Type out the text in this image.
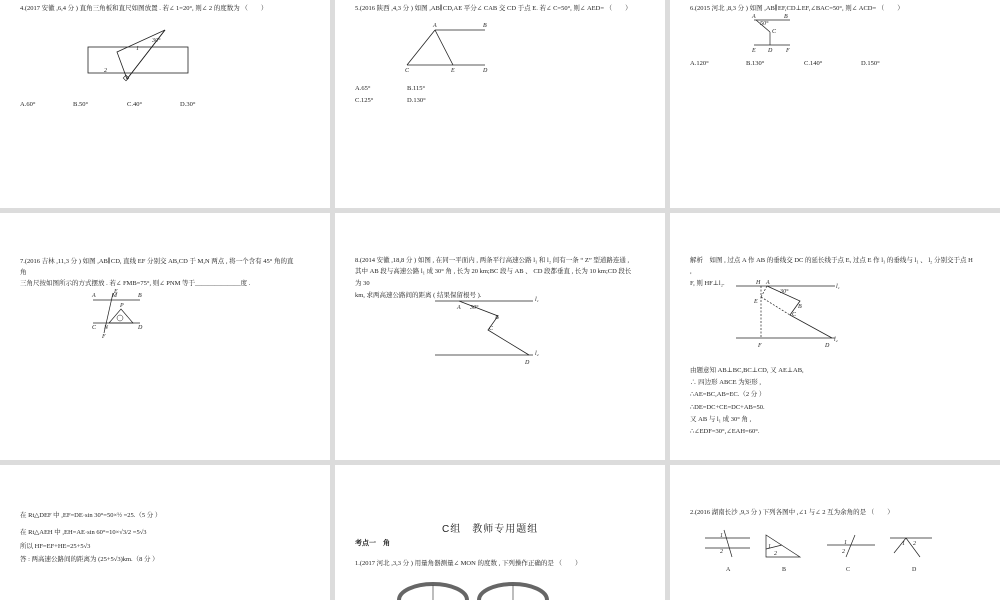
4.(2017 安徽 ,6,4 分 ) 直角三角板和直尺如图放置 . 若∠ 1=20°, 则∠ 2 的度数为 （　　）
30°
1
2
A.60°	B.50°	C.40°	D.30°
5.(2016 陕西 ,4,3 分 ) 如图 ,AB∥CD,AE 平分∠ CAB 交 CD 于点 E. 若∠ C=50°, 则∠ AED= （　　）
A	B
C	E	D
A.65°	B.115°
C.125°	D.130°
6.(2015 河北 ,8,3 分 ) 如图 ,AB∥EF,CD⊥EF,∠BAC=50°, 则∠ ACD= （　　）
A	B
50°
C
E D F
A.120°	B.130°	C.140°	D.150°
7.(2016 吉林 ,11,3 分 ) 如图 ,AB∥CD, 直线 EF 分别交 AB,CD 于 M,N 两点 , 将一个含有 45° 角的直
角
三角尺按如图所示的方式摆放 . 若∠ FMB=75°, 则∠ PNM 等于______________度 .
A	M	B
C N	D
F
E
P
8.(2014 安徽 ,18,8 分 ) 如图 , 在同一平面内 , 两条平行高速公路 l₁ 和 l₂ 间有一条 “ Z” 型道路连通 ,
其中 AB 段与高速公路 l₁ 成 30° 角 , 长为 20 km;BC 段与 AB 、 CD 段都垂直 , 长为 10 km;CD 段长
为 30
km, 求两高速公路间的距离 ( 结果保留根号 ).
l₁
A 30°
B
C
l₂
D
解析　如图 , 过点 A 作 AB 的垂线交 DC 的延长线于点 E, 过点 E 作 l₁ 的垂线与 l₁ 、 l₂ 分别交于点 H
,
F, 则 HF⊥l₂.	H A
30°
l₁
E
B
C
F	D
l₂
由题意知 AB⊥BC,BC⊥CD, 又 AE⊥AB,
∴ 四边形 ABCE 为矩形 ,
∴AE=BC,AB=EC.（2 分 ）
∴DE=DC+CE=DC+AB=50.
又 AB 与 l₁ 成 30° 角 ,
∴∠EDF=30°,∠EAH=60°.
在 Rt△DEF 中 ,EF=DE·sin 30°=50×½ =25.（5 分 ）
在 Rt△AEH 中 ,EH=AE·sin 60°=10×√3/2 =5√3
所以 HF=EF+HE=25+5√3
答 : 两高速公路间的距离为 (25+5√3)km.（8 分 ）
C组　教师专用题组
考点一　角
1.(2017 河北 ,3,3 分 ) 用量角器测量∠ MON 的度数 , 下列操作正确的是 （　　）
2.(2016 湖南长沙 ,9,3 分 ) 下列各图中 ,∠1 与∠ 2 互为余角的是 （　　）
1
2
1
2
1
2
1 2
A	B	C	D
